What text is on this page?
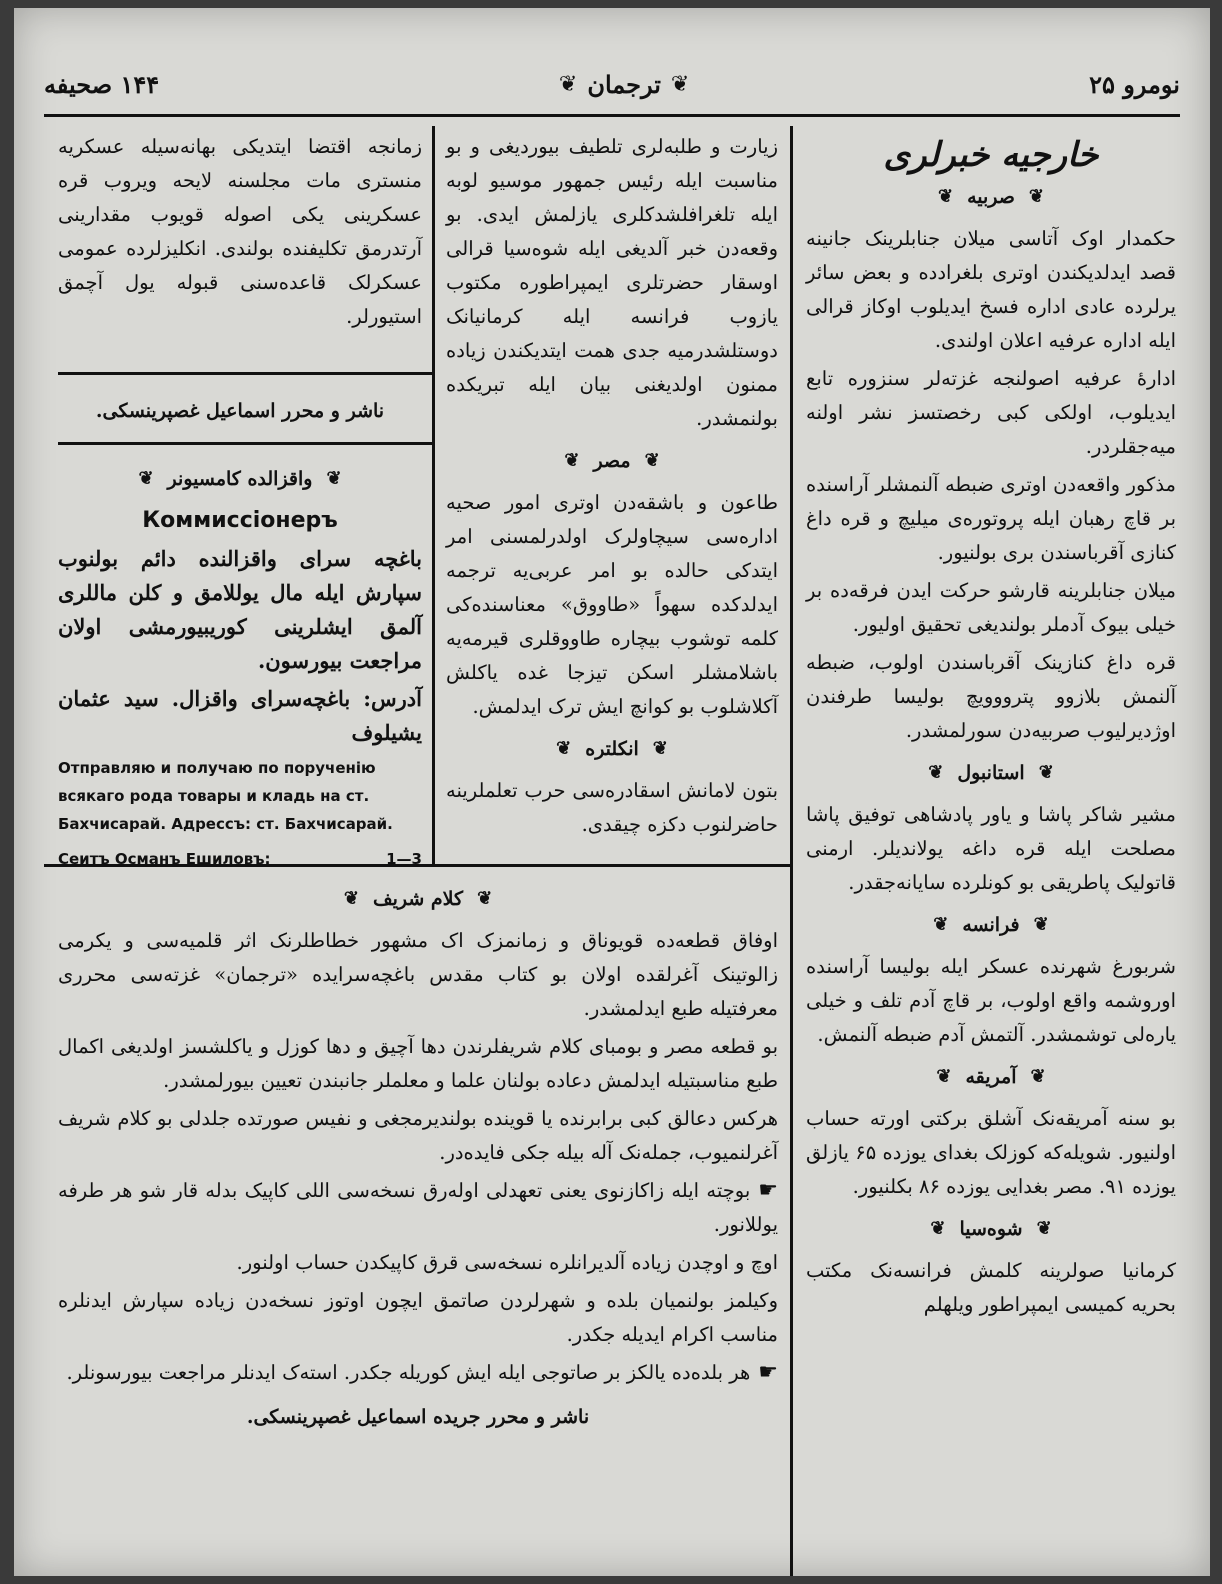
۱۴۴ صحیفه	❦ ترجمان ❦	نومرو ۲۵
خارجیه خبرلری
❦
صربیه
❦

حکمدار اوک آتاسی میلان جنابلرینک جانینه قصد ایدلدیکندن اوتری بلغرادده و بعض سائر یرلرده عادی اداره فسخ ایدیلوب اوکاز قرالی ایله اداره عرفیه اعلان اولندی.

ادارۀ عرفیه اصولنجه غزته‌لر سنزوره تابع ایدیلوب، اولکی کبی رخصتسز نشر اولنه میه‌جقلردر.

مذکور واقعه‌دن اوتری ضبطه آلنمشلر آراسنده بر قاچ رهبان ایله پروتوره‌ی میلیچ و قره داغ کنازی آقرباسندن بری بولنیور.

میلان جنابلرینه قارشو حرکت ایدن فرقه‌ده بر خیلی بیوک آدملر بولندیغی تحقیق اولیور.

قره داغ کنازینک آقرباسندن اولوب، ضبطه آلنمش بلازوو پترووویچ بولیسا طرفندن اوژدیرلیوب صربیه‌دن سورلمشدر.

❦
استانبول
❦

مشیر شاکر پاشا و یاور پادشاهی توفیق پاشا مصلحت ایله قره داغه یولاندیلر. ارمنی قاتولیک پاطریقی بو کونلرده سایانه‌جقدر.

❦
فرانسه
❦

شربورغ شهرنده عسکر ایله بولیسا آراسنده اوروشمه واقع اولوب، بر قاچ آدم تلف و خیلی یاره‌لی توشمشدر. آلتمش آدم ضبطه آلنمش.

❦
آمریقه
❦

بو سنه آمریقه‌نک آشلق برکتی اورته حساب اولنیور. شویله‌که کوزلک بغدای یوزده ۶۵ یازلق یوزده ۹۱. مصر بغدایی یوزده ۸۶ بکلنیور.

❦
شوه‌سیا
❦

کرمانیا صولرینه کلمش فرانسه‌نک مکتب بحریه کمیسی ایمپراطور ویلهلم

زیارت و طلبه‌لری تلطیف بیوردیغی و بو مناسبت ایله رئیس جمهور موسیو لوبه ایله تلغرافلشدکلری یازلمش ایدی. بو وقعه‌دن خبر آلدیغی ایله شوه‌سیا قرالی اوسقار حضرتلری ایمپراطوره مکتوب یازوب فرانسه ایله کرمانیانک دوستلشدرمیه جدی همت ایتدیکندن زیاده ممنون اولدیغنی بیان ایله تبریکده بولنمشدر.

❦
مصر
❦

طاعون و باشقه‌دن اوتری امور صحیه اداره‌سی سیچاولرک اولدرلمسنی امر ایتدکی حالده بو امر عربی‌یه ترجمه ایدلدکده سهواً «طاووق» معناسنده‌کی کلمه توشوب بیچاره طاووقلری قیرمه‌یه باشلامشلر اسکن تیزجا غده یاکلش آکلاشلوب بو کوانچ ایش ترک ایدلمش.

❦
انکلتره
❦

بتون لامانش اسقادره‌سی حرب تعلملرینه حاضرلنوب دکزه چیقدی.

زمانجه اقتضا ایتدیکی بهانه‌سیله عسکریه منستری مات مجلسنه لایحه ویروب قره عسکرینی یکی اصوله قویوب مقدارینی آرتدرمق تکلیفنده بولندی. انکلیزلرده عمومی عسکرلک قاعده‌سنی قبوله یول آچمق استیورلر.

ناشر و محرر اسماعیل غصپرینسکی.
❦
واقزالده کامسیونر
❦
Коммиссiонеръ

باغچه سرای واقزالنده دائم بولنوب سپارش ایله مال یوللامق و کلن ماللری آلمق ایشلرینی کوریبیورمشی اولان مراجعت بیورسون.

آدرس: باغچه‌سرای واقزال. سید عثمان یشیلوف

Отправляю и получаю по порученію всякаго рода товары и кладь на ст. Бахчисарай. Адрессъ: ст. Бахчисарай.

Сеитъ Османъ Ешиловъ:	1—3
❦
کلام شریف
❦

اوفاق قطعه‌ده قویوناق و زمانمزک اک مشهور خطاطلرنک اثر قلمیه‌سی و یکرمی زالوتینک آغرلقده اولان بو کتاب مقدس باغچه‌سرایده «ترجمان» غزته‌سی محرری معرفتیله طبع ایدلمشدر.

بو قطعه مصر و بومبای کلام شریفلرندن دها آچیق و دها کوزل و یاکلشسز اولدیغی اکمال طبع مناسبتیله ایدلمش دعاده بولنان علما و معلملر جانبندن تعیین بیورلمشدر.

هرکس دعالق کبی برابرنده یا قوینده بولندیرمجغی و نفیس صورتده جلدلی بو کلام شریف آغرلنمیوب، جمله‌نک آله بیله جکی فایده‌در.

☛بوچته ایله زاکازنوی یعنی تعهدلی اوله‌رق نسخه‌سی اللی کاپیک بدله قار شو هر طرفه یوللانور.

اوچ و اوچدن زیاده آلدیرانلره نسخه‌سی قرق کاپیکدن حساب اولنور.

وکیلمز بولنمیان بلده و شهرلردن صاتمق ایچون اوتوز نسخه‌دن زیاده سپارش ایدنلره مناسب اکرام ایدیله جکدر.

☛هر بلده‌ده یالکز بر صاتوجی ایله ایش کوریله جکدر. استه‌ک ایدنلر مراجعت بیورسونلر.

ناشر و محرر جریده اسماعیل غصپرینسکی.
